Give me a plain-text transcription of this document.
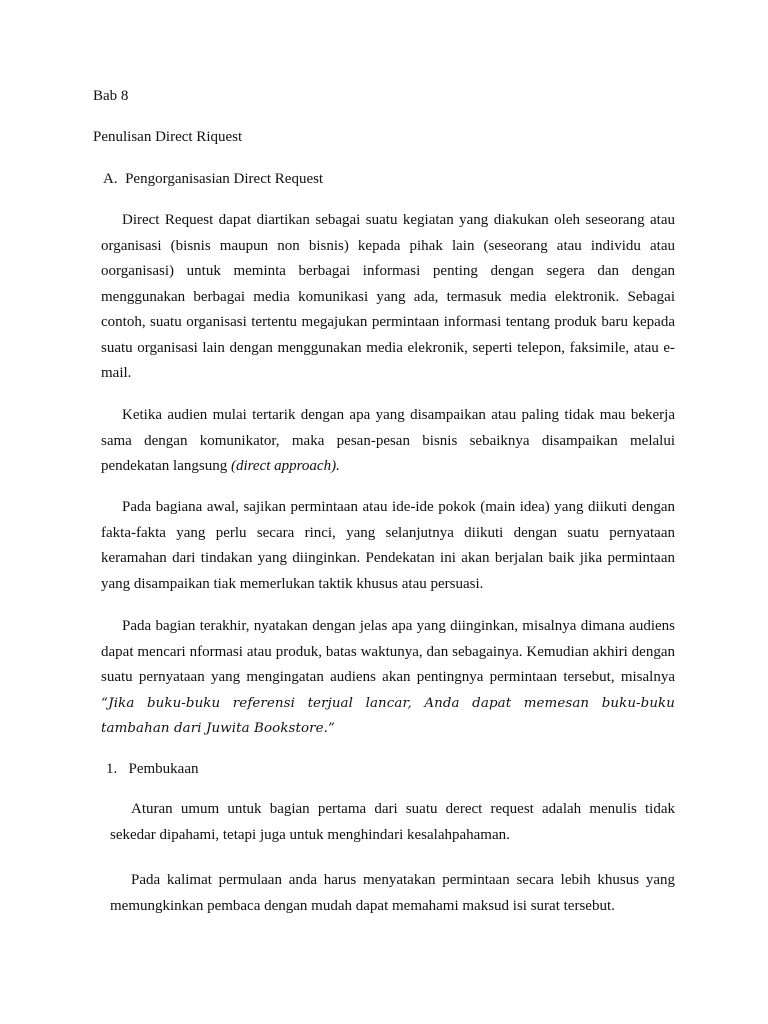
Bab 8

Penulisan Direct Riquest

A. Pengorganisasian Direct Request

Direct Request dapat diartikan sebagai suatu kegiatan yang diakukan oleh seseorang atau organisasi (bisnis maupun non bisnis) kepada pihak lain (seseorang atau individu atau oorganisasi) untuk meminta berbagai informasi penting dengan segera dan dengan menggunakan berbagai media komunikasi yang ada, termasuk media elektronik. Sebagai contoh, suatu organisasi tertentu megajukan permintaan informasi tentang produk baru kepada suatu organisasi lain dengan menggunakan media elekronik, seperti telepon, faksimile, atau e-mail.

Ketika audien mulai tertarik dengan apa yang disampaikan atau paling tidak mau bekerja sama dengan komunikator, maka pesan-pesan bisnis sebaiknya disampaikan melalui pendekatan langsung (direct approach).

Pada bagiana awal, sajikan permintaan atau ide-ide pokok (main idea) yang diikuti dengan fakta-fakta yang perlu secara rinci, yang selanjutnya diikuti dengan suatu pernyataan keramahan dari tindakan yang diinginkan. Pendekatan ini akan berjalan baik jika permintaan yang disampaikan tiak memerlukan taktik khusus atau persuasi.

Pada bagian terakhir, nyatakan dengan jelas apa yang diinginkan, misalnya dimana audiens dapat mencari nformasi atau produk, batas waktunya, dan sebagainya. Kemudian akhiri dengan suatu pernyataan yang mengingatan audiens akan pentingnya permintaan tersebut, misalnya “Jika buku-buku referensi terjual lancar, Anda dapat memesan buku-buku tambahan dari Juwita Bookstore.”

1. Pembukaan

Aturan umum untuk bagian pertama dari suatu derect request adalah menulis tidak sekedar dipahami, tetapi juga untuk menghindari kesalahpahaman.

Pada kalimat permulaan anda harus menyatakan permintaan secara lebih khusus yang memungkinkan pembaca dengan mudah dapat memahami maksud isi surat tersebut.
